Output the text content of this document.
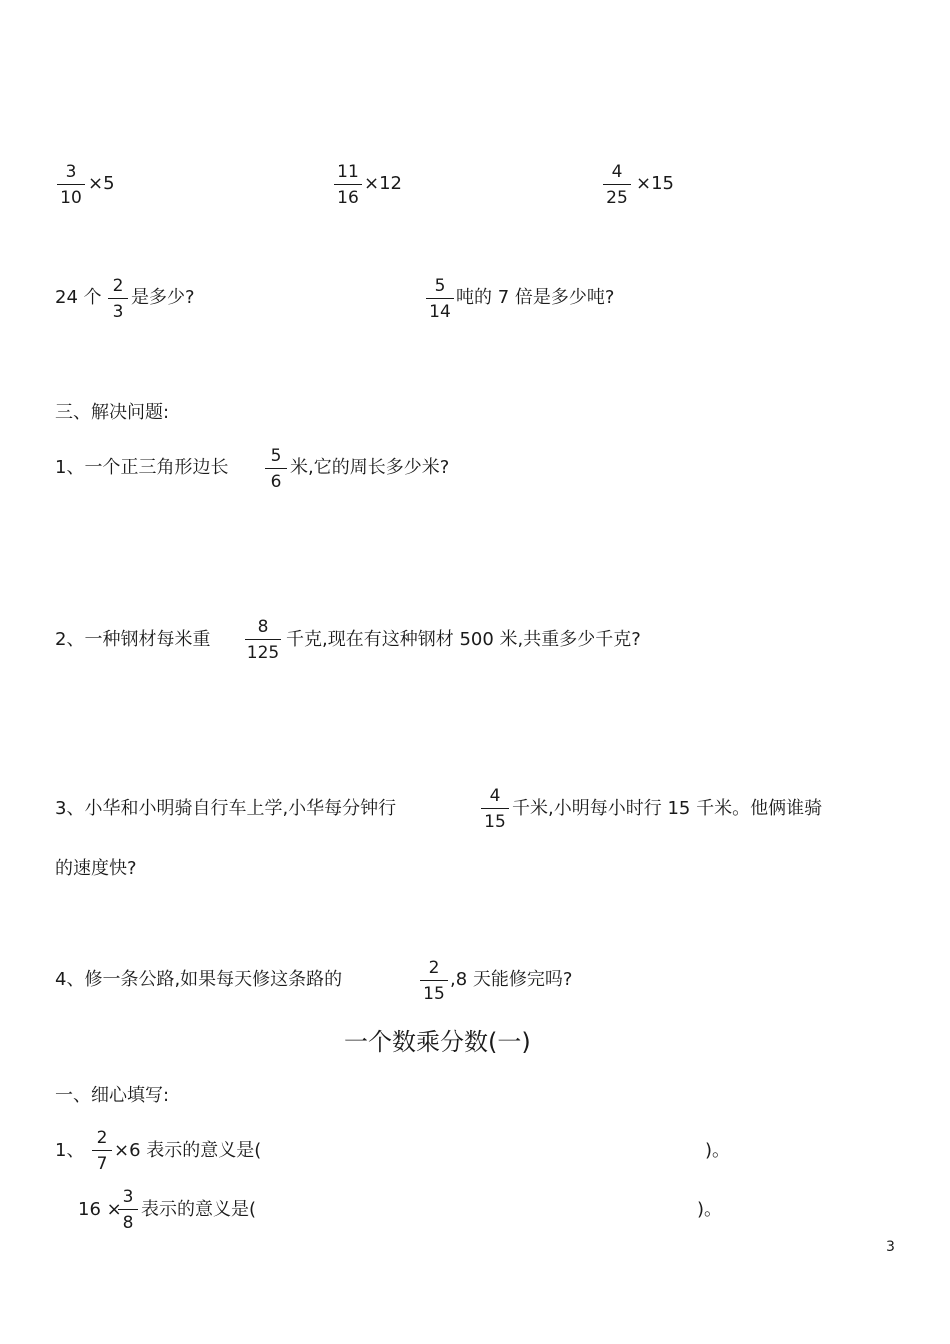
$\frac{3}{10} \times 5$	$\frac{11}{16} \times 12$	$\frac{4}{25} \times 15$
24 个 $\frac{2}{3}$ 是多少?	$\frac{5}{14}$ 吨的 7 倍是多少吨?
三、解决问题:
1、一个正三角形边长 $\frac{5}{6}$ 米,它的周长多少米?
2、一种钢材每米重 $\frac{8}{125}$ 千克,现在有这种钢材 500 米,共重多少千克?
3、小华和小明骑自行车上学,小华每分钟行	$\frac{4}{15}$ 千米,小明每小时行 15 千米。他俩谁骑
的速度快?
4、修一条公路,如果每天修这条路的	$\frac{2}{15} ,8$ 天能修完吗?
一个数乘分数(一)
一、细心填写:
1、 $\frac{2}{7} \times 6$ 表示的意义是(	)。
16 ×
$\frac{3}{8}$ 表示的意义是(	)。
3
